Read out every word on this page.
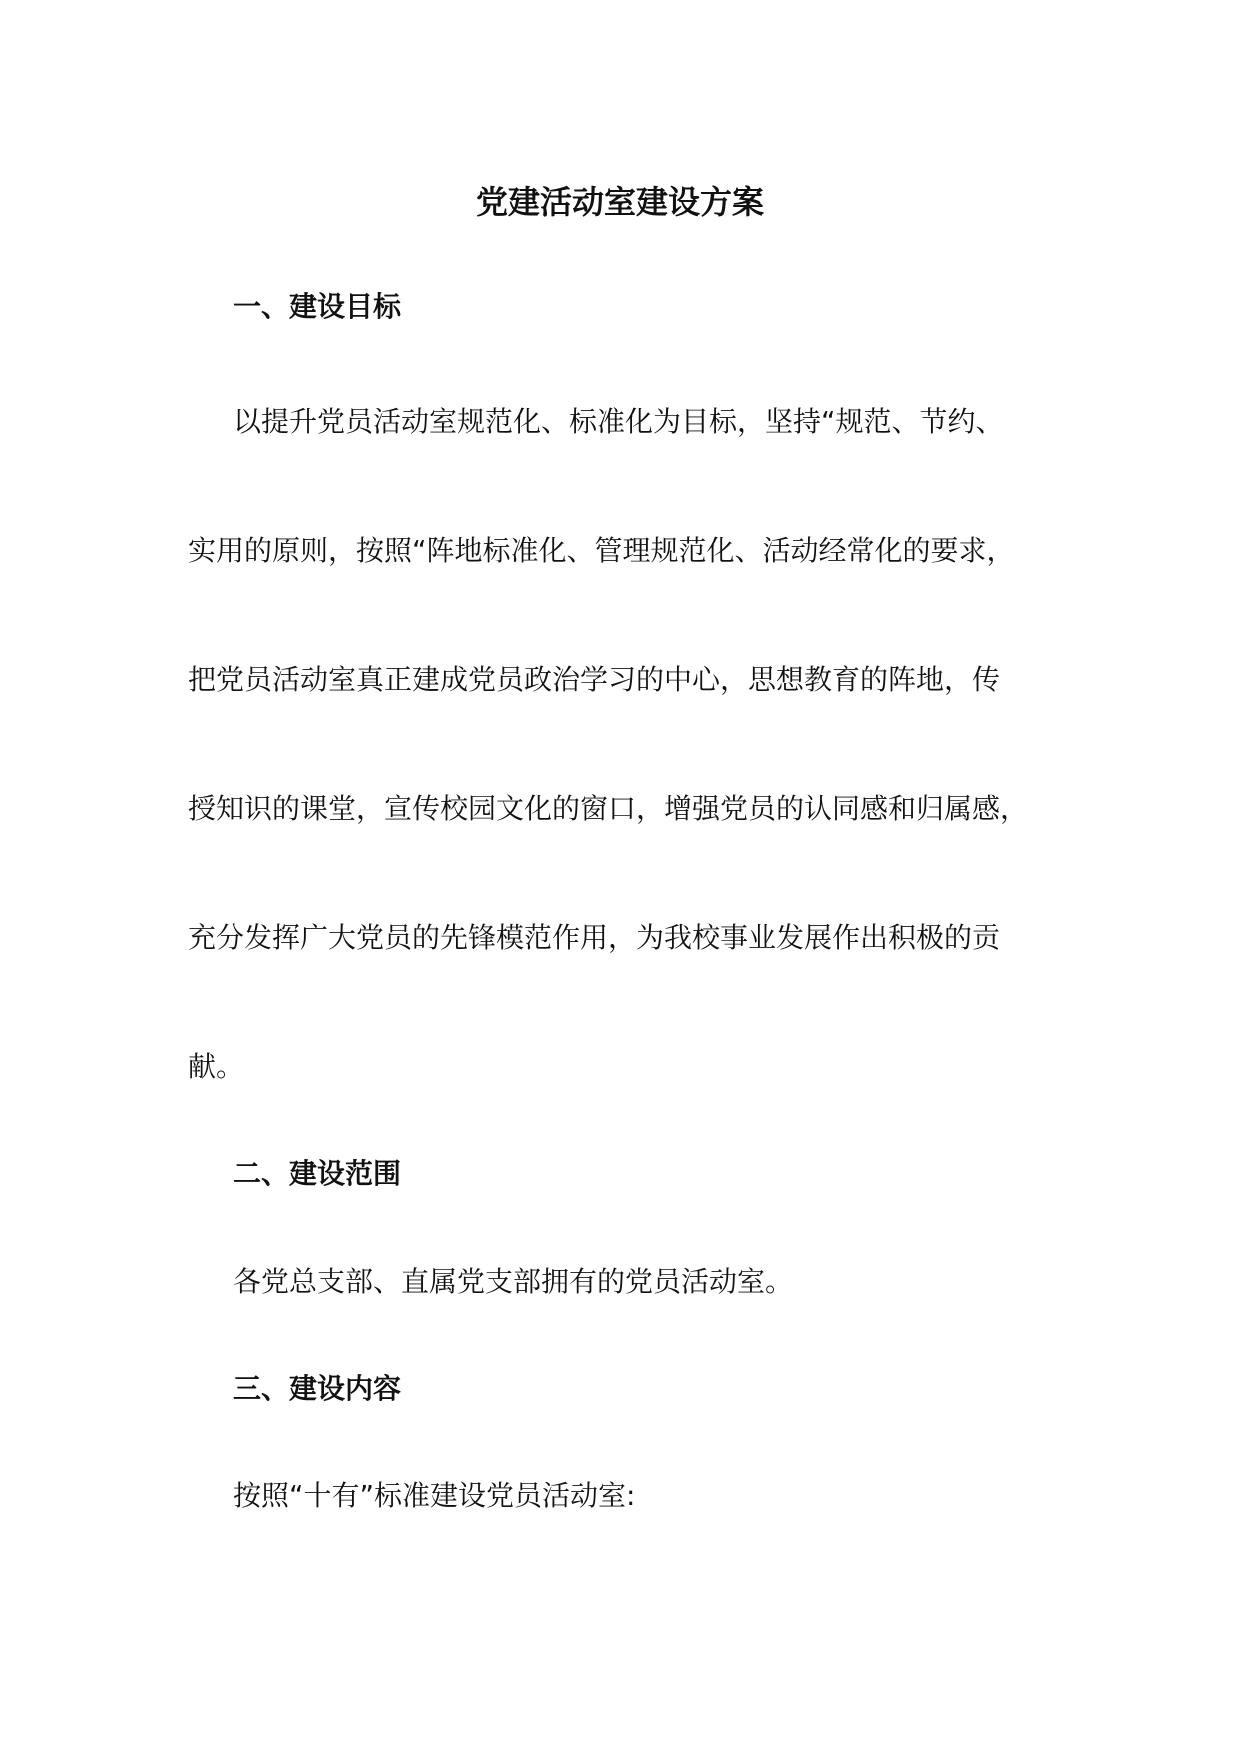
党建活动室建设方案
一、建设目标

以提升党员活动室规范化、标准化为目标，坚持“规范、节约、

实用的原则，按照“阵地标准化、管理规范化、活动经常化的要求，

把党员活动室真正建成党员政治学习的中心，思想教育的阵地，传

授知识的课堂，宣传校园文化的窗口，增强党员的认同感和归属感，

充分发挥广大党员的先锋模范作用，为我校事业发展作出积极的贡

献。

二、建设范围

各党总支部、直属党支部拥有的党员活动室。

三、建设内容

按照“十有”标准建设党员活动室:
